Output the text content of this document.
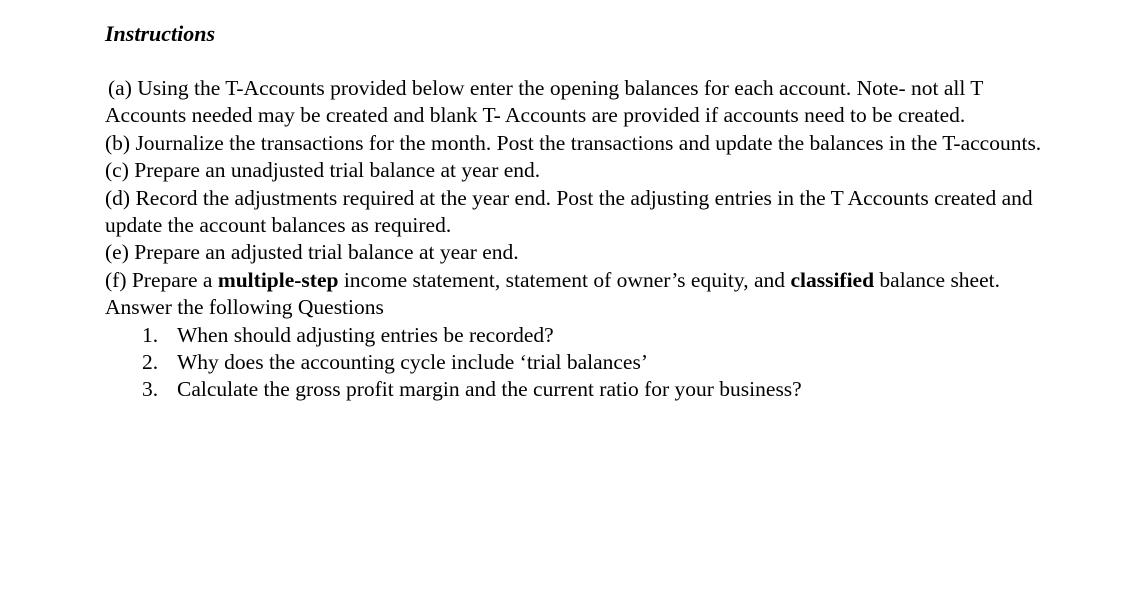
Instructions

(a) Using the T-Accounts provided below enter the opening balances for each account. Note- not all T Accounts needed may be created and blank T- Accounts are provided if accounts need to be created.

(b) Journalize the transactions for the month. Post the transactions and update the balances in the T-accounts.

(c) Prepare an unadjusted trial balance at year end.

(d) Record the adjustments required at the year end. Post the adjusting entries in the T Accounts created and update the account balances as required.

(e) Prepare an adjusted trial balance at year end.

(f) Prepare a multiple-step income statement, statement of owner’s equity, and classified balance sheet.

Answer the following Questions

1. When should adjusting entries be recorded?
2. Why does the accounting cycle include ‘trial balances’
3. Calculate the gross profit margin and the current ratio for your business?
